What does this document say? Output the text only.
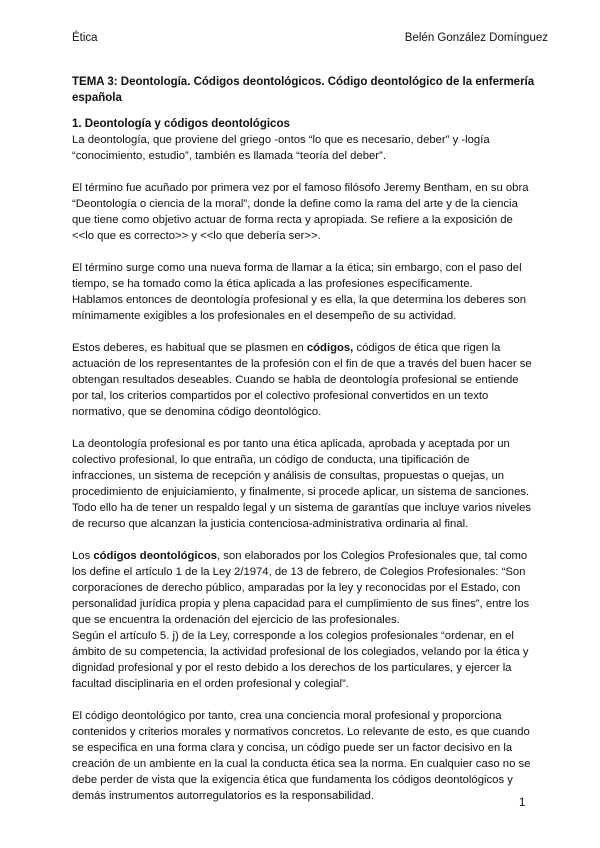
Ética	Belén González Domínguez
TEMA 3: Deontología. Códigos deontológicos. Código deontológico de la enfermería española
1. Deontología y códigos deontológicos
La deontología, que proviene del griego -ontos “lo que es necesario, deber” y -logía
“conocimiento, estudio”, también es llamada “teoría del deber”.
El término fue acuñado por primera vez por el famoso filósofo Jeremy Bentham, en su obra
“Deontología o ciencia de la moral”, donde la define como la rama del arte y de la ciencia
que tiene como objetivo actuar de forma recta y apropiada. Se refiere a la exposición de
<<lo que es correcto>> y <<lo que debería ser>>.
El término surge como una nueva forma de llamar a la ética; sin embargo, con el paso del
tiempo, se ha tomado como la ética aplicada a las profesiones específicamente.
Hablamos entonces de deontología profesional y es ella, la que determina los deberes son
mínimamente exigibles a los profesionales en el desempeño de su actividad.
Estos deberes, es habitual que se plasmen en códigos, códigos de ética que rigen la
actuación de los representantes de la profesión con el fin de que a través del buen hacer se
obtengan resultados deseables. Cuando se habla de deontología profesional se entiende
por tal, los criterios compartidos por el colectivo profesional convertidos en un texto
normativo, que se denomina código deontológico.
La deontología profesional es por tanto una ética aplicada, aprobada y aceptada por un
colectivo profesional, lo que entraña, un código de conducta, una tipificación de
infracciones, un sistema de recepción y análisis de consultas, propuestas o quejas, un
procedimiento de enjuiciamiento, y finalmente, si procede aplicar, un sistema de sanciones.
Todo ello ha de tener un respaldo legal y un sistema de garantías que incluye varios niveles
de recurso que alcanzan la justicia contenciosa-administrativa ordinaria al final.
Los códigos deontológicos, son elaborados por los Colegios Profesionales que, tal como
los define el artículo 1 de la Ley 2/1974, de 13 de febrero, de Colegios Profesionales: “Son
corporaciones de derecho público, amparadas por la ley y reconocidas por el Estado, con
personalidad jurídica propia y plena capacidad para el cumplimiento de sus fines”, entre los
que se encuentra la ordenación del ejercicio de las profesionales.
Según el artículo 5. j) de la Ley, corresponde a los colegios profesionales “ordenar, en el
ámbito de su competencia, la actividad profesional de los colegiados, velando por la ética y
dignidad profesional y por el resto debido a los derechos de los particulares, y ejercer la
facultad disciplinaria en el orden profesional y colegial”.
El código deontológico por tanto, crea una conciencia moral profesional y proporciona
contenidos y criterios morales y normativos concretos. Lo relevante de esto, es que cuando
se especifica en una forma clara y concisa, un código puede ser un factor decisivo en la
creación de un ambiente en la cual la conducta ética sea la norma. En cualquier caso no se
debe perder de vista que la exigencia ética que fundamenta los códigos deontológicos y
demás instrumentos autorregulatorios es la responsabilidad.
1
